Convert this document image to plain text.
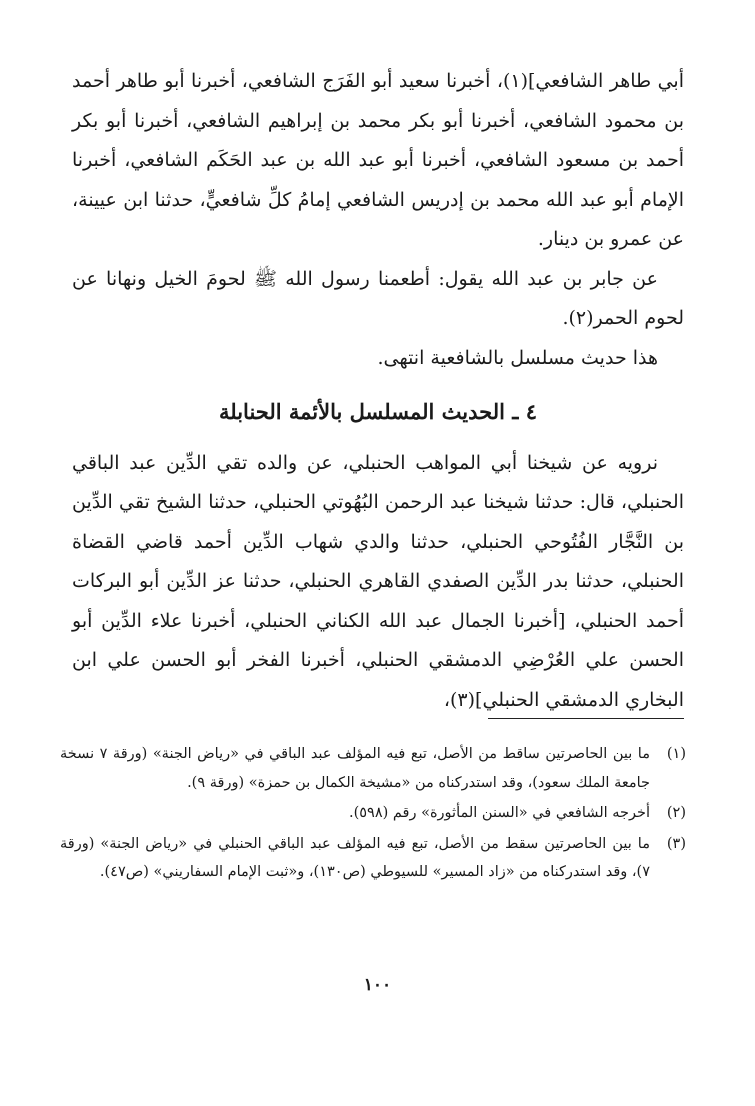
أبي طاهر الشافعي](١)، أخبرنا سعيد أبو الفَرَج الشافعي، أخبرنا أبو طاهر أحمد بن محمود الشافعي، أخبرنا أبو بكر محمد بن إبراهيم الشافعي، أخبرنا أبو بكر أحمد بن مسعود الشافعي، أخبرنا أبو عبد الله بن عبد الحَكَم الشافعي، أخبرنا الإمام أبو عبد الله محمد بن إدريس الشافعي إمامُ كلِّ شافعيٍّ، حدثنا ابن عيينة، عن عمرو بن دينار.

عن جابر بن عبد الله يقول: أطعمنا رسول الله ﷺ لحومَ الخيل ونهانا عن لحوم الحمر(٢).

هذا حديث مسلسل بالشافعية انتهى.

٤ ـ الحديث المسلسل بالأئمة الحنابلة

نرويه عن شيخنا أبي المواهب الحنبلي، عن والده تقي الدِّين عبد الباقي الحنبلي، قال: حدثنا شيخنا عبد الرحمن البُهُوتي الحنبلي، حدثنا الشيخ تقي الدِّين بن النَّجَّار الفُتُوحي الحنبلي، حدثنا والدي شهاب الدِّين أحمد قاضي القضاة الحنبلي، حدثنا بدر الدِّين الصفدي القاهري الحنبلي، حدثنا عز الدِّين أبو البركات أحمد الحنبلي، [أخبرنا الجمال عبد الله الكناني الحنبلي، أخبرنا علاء الدِّين أبو الحسن علي العُرْضِي الدمشقي الحنبلي، أخبرنا الفخر أبو الحسن علي ابن البخاري الدمشقي الحنبلي](٣)،

(١)
ما بين الحاصرتين ساقط من الأصل، تبع فيه المؤلف عبد الباقي في «رياض الجنة» (ورقة ٧ نسخة جامعة الملك سعود)، وقد استدركناه من «مشيخة الكمال بن حمزة» (ورقة ٩).
(٢)
أخرجه الشافعي في «السنن المأثورة» رقم (٥٩٨).
(٣)
ما بين الحاصرتين سقط من الأصل، تبع فيه المؤلف عبد الباقي الحنبلي في «رياض الجنة» (ورقة ٧)، وقد استدركناه من «زاد المسير» للسيوطي (ص١٣٠)، و«ثبت الإمام السفاريني» (ص٤٧).
١٠٠
